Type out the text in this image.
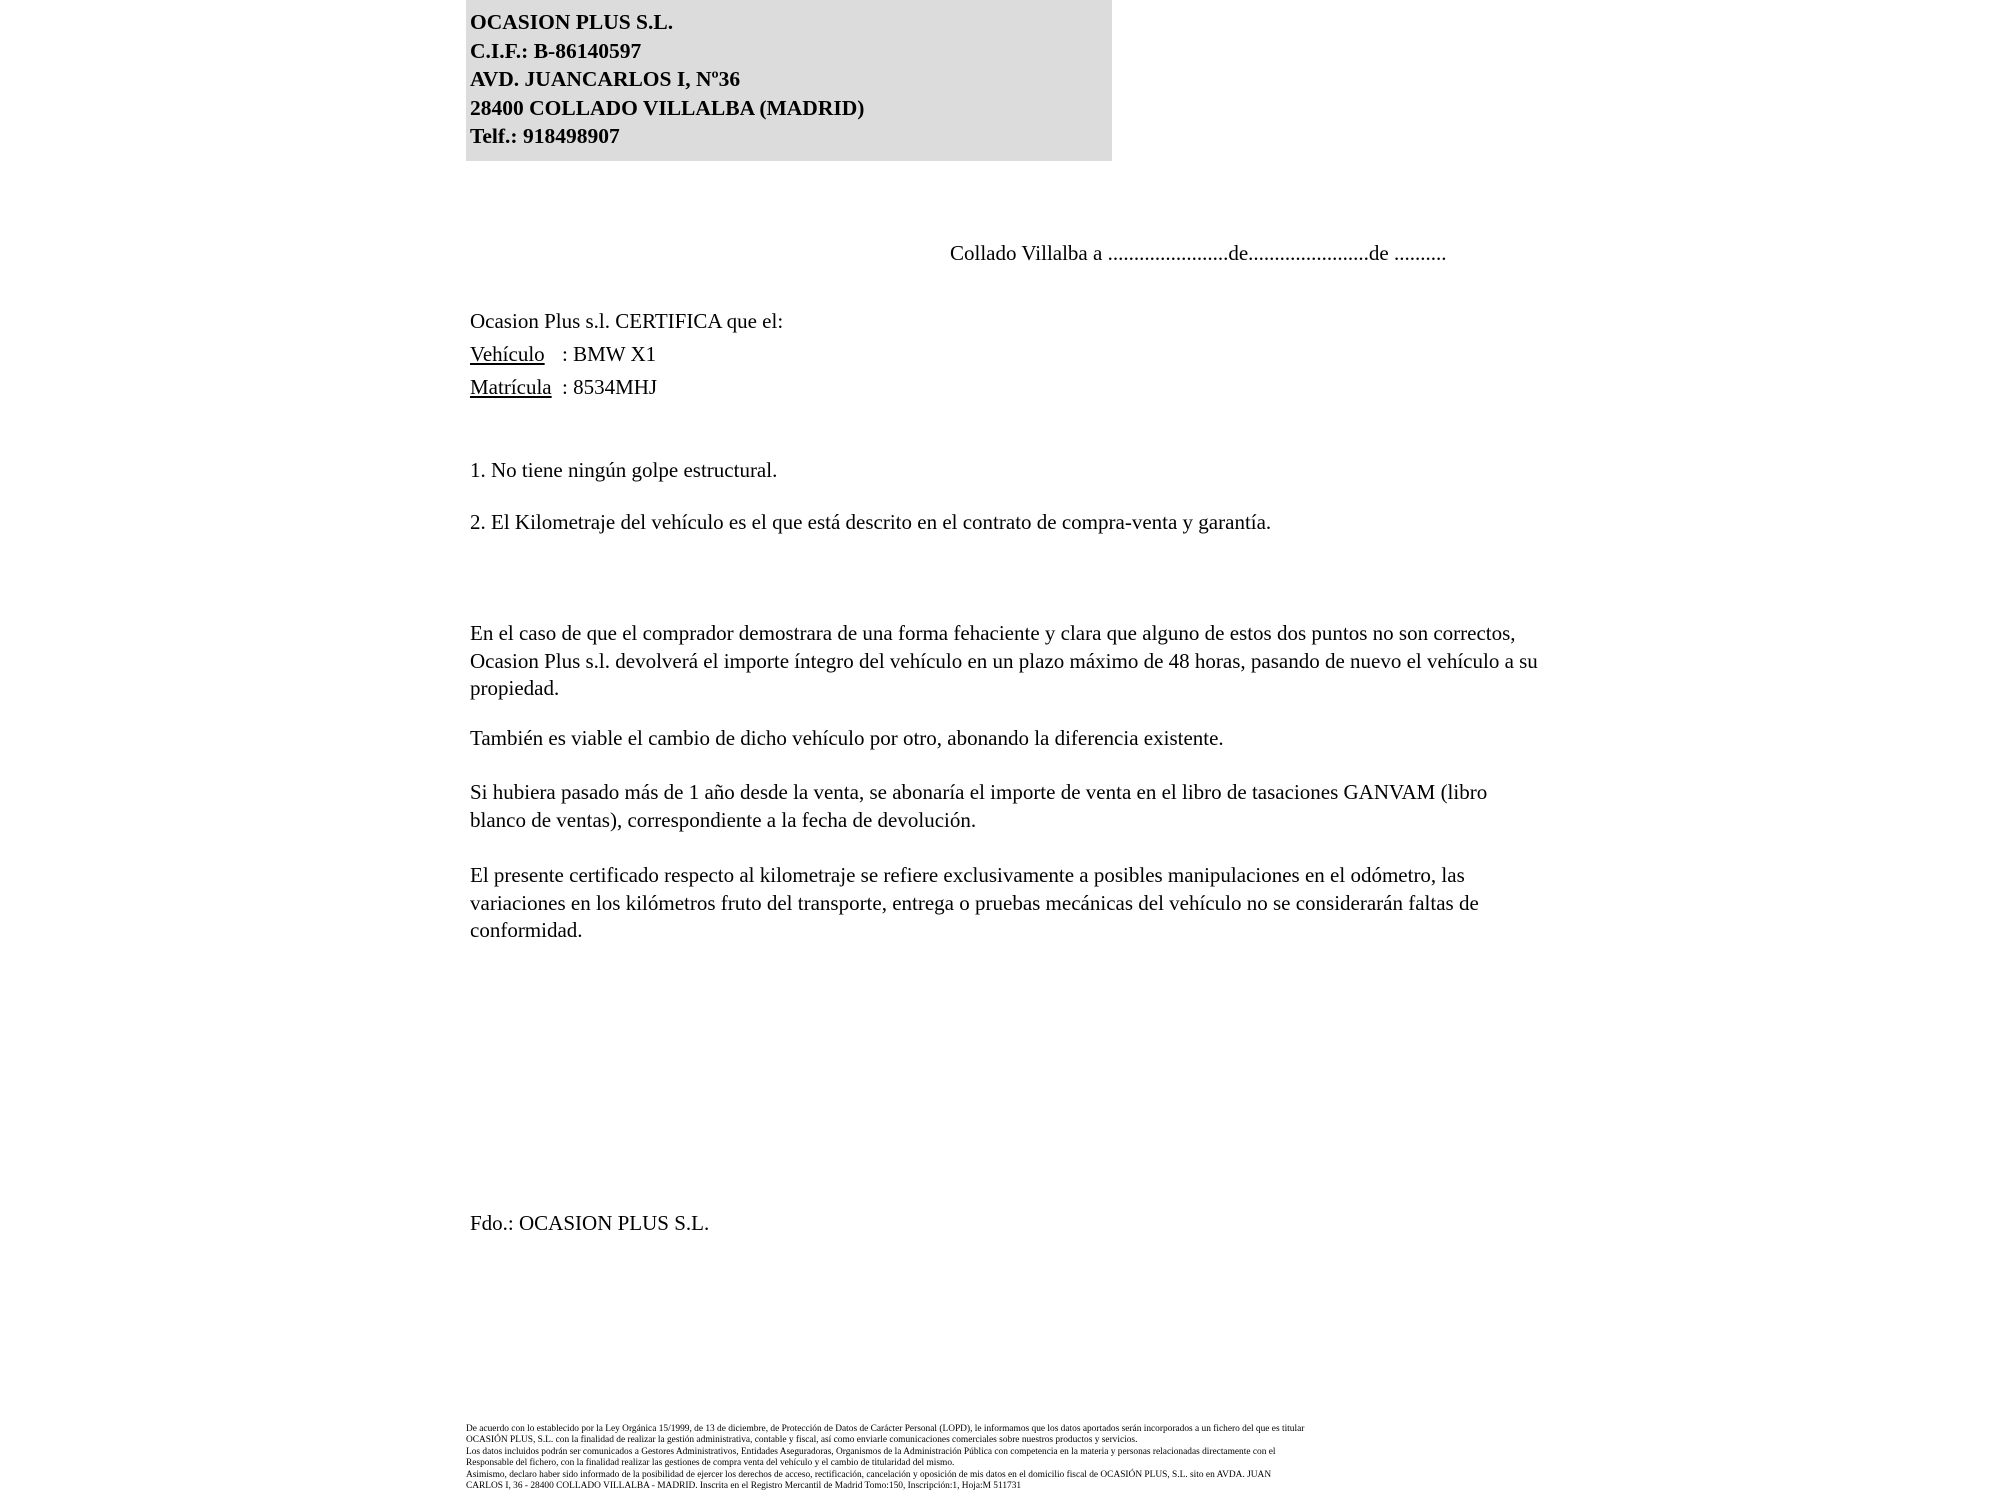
OCASION PLUS S.L.
C.I.F.: B-86140597
AVD. JUANCARLOS I, Nº36
28400 COLLADO VILLALBA (MADRID)
Telf.: 918498907
Collado Villalba a .......................de.......................de ..........
Ocasion Plus s.l. CERTIFICA que el:
Vehículo : BMW X1
Matrícula : 8534MHJ
1. No tiene ningún golpe estructural.
2. El Kilometraje del vehículo es el que está descrito en el contrato de compra-venta y garantía.
En el caso de que el comprador demostrara de una forma fehaciente y clara que alguno de estos dos puntos no son correctos, Ocasion Plus s.l. devolverá el importe íntegro del vehículo en un plazo máximo de 48 horas, pasando de nuevo el vehículo a su propiedad.
También es viable el cambio de dicho vehículo por otro, abonando la diferencia existente.
Si hubiera pasado más de 1 año desde la venta, se abonaría el importe de venta en el libro de tasaciones GANVAM (libro blanco de ventas), correspondiente a la fecha de devolución.
El presente certificado respecto al kilometraje se refiere exclusivamente a posibles manipulaciones en el odómetro, las variaciones en los kilómetros fruto del transporte, entrega o pruebas mecánicas del vehículo no se considerarán faltas de conformidad.
Fdo.: OCASION PLUS S.L.

De acuerdo con lo establecido por la Ley Orgánica 15/1999, de 13 de diciembre, de Protección de Datos de Carácter Personal (LOPD), le informamos que los datos aportados serán incorporados a un fichero del que es titular

OCASIÓN PLUS, S.L. con la finalidad de realizar la gestión administrativa, contable y fiscal, así como enviarle comunicaciones comerciales sobre nuestros productos y servicios.

Los datos incluidos podrán ser comunicados a Gestores Administrativos, Entidades Aseguradoras, Organismos de la Administración Pública con competencia en la materia y personas relacionadas directamente con el

Responsable del fichero, con la finalidad realizar las gestiones de compra venta del vehículo y el cambio de titularidad del mismo.

Asimismo, declaro haber sido informado de la posibilidad de ejercer los derechos de acceso, rectificación, cancelación y oposición de mis datos en el domicilio fiscal de OCASIÓN PLUS, S.L. sito en AVDA. JUAN

CARLOS I, 36 - 28400 COLLADO VILLALBA - MADRID. Inscrita en el Registro Mercantil de Madrid Tomo:150, Inscripción:1, Hoja:M 511731
